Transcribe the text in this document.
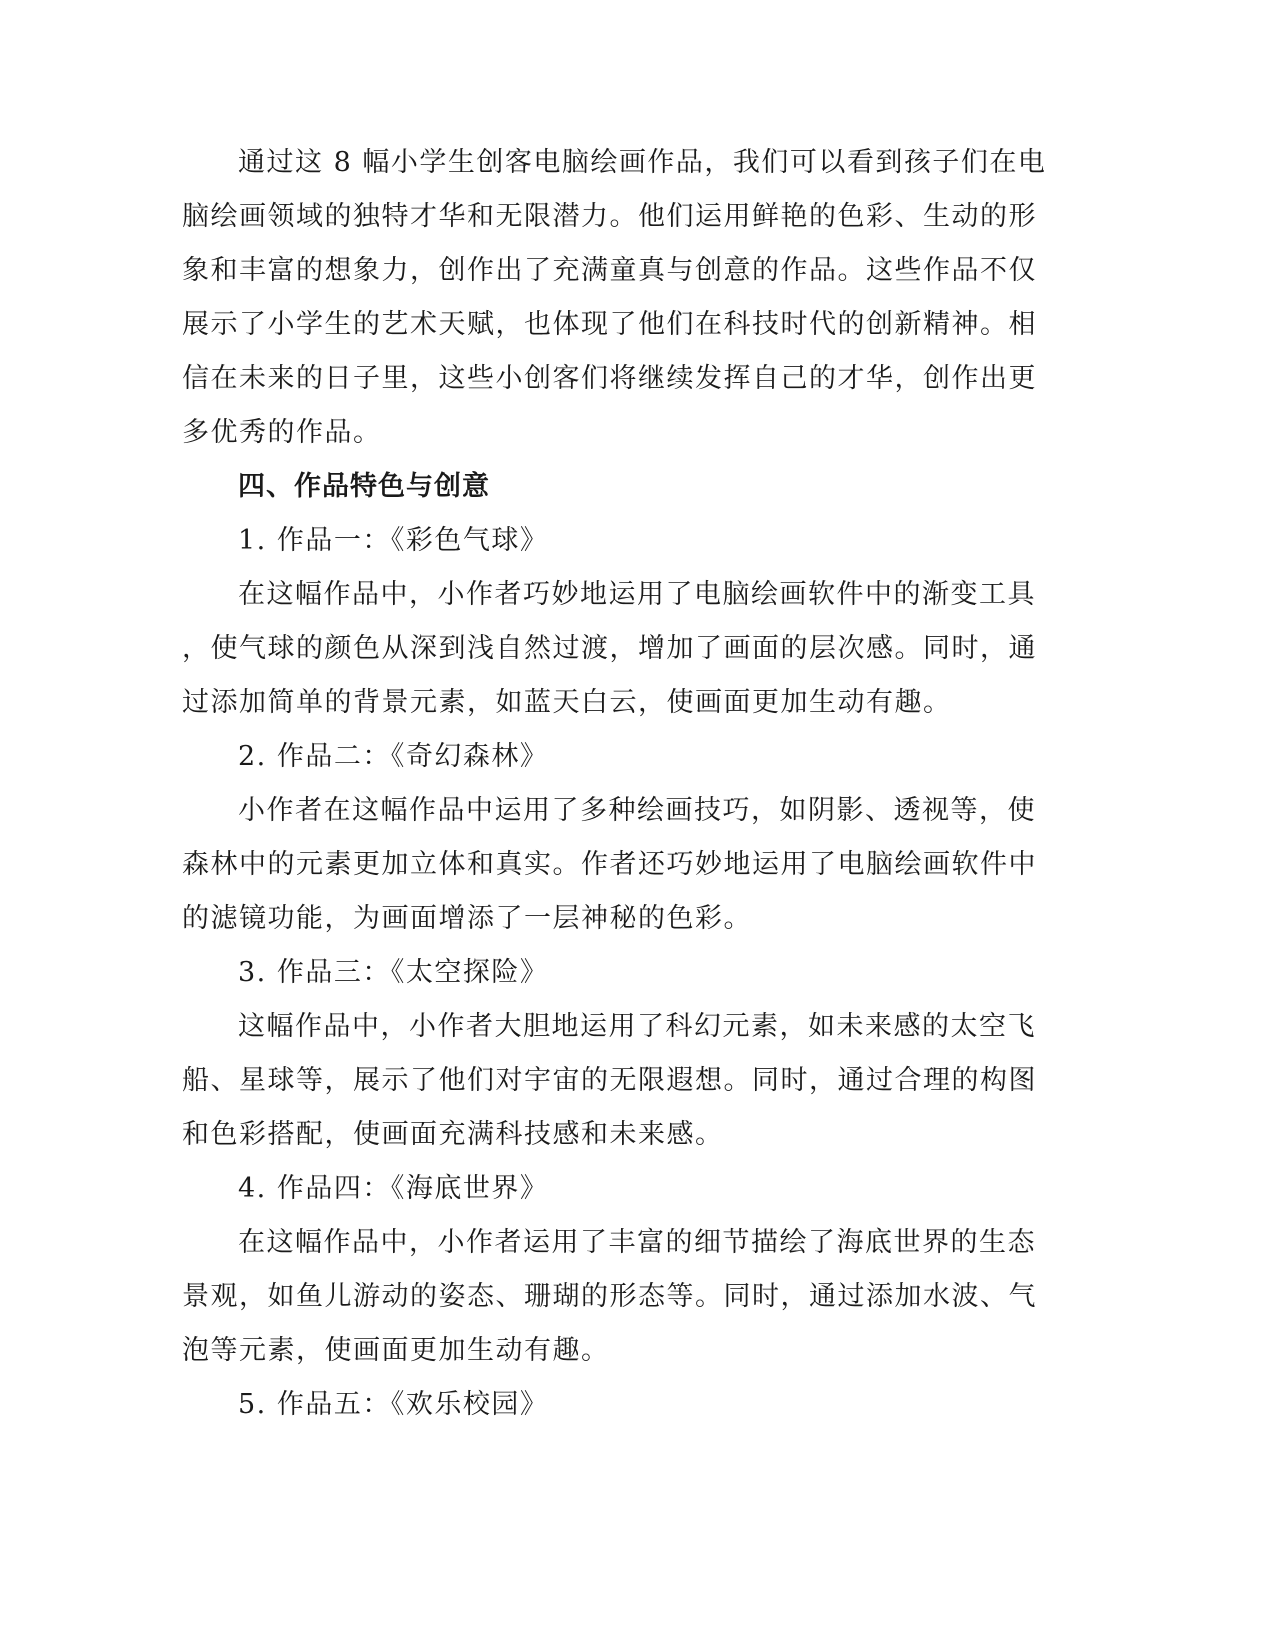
通过这 8 幅小学生创客电脑绘画作品，我们可以看到孩子们在电
脑绘画领域的独特才华和无限潜力。他们运用鲜艳的色彩、生动的形
象和丰富的想象力，创作出了充满童真与创意的作品。这些作品不仅
展示了小学生的艺术天赋，也体现了他们在科技时代的创新精神。相
信在未来的日子里，这些小创客们将继续发挥自己的才华，创作出更
多优秀的作品。
四、作品特色与创意
1. 作品一：《彩色气球》
在这幅作品中，小作者巧妙地运用了电脑绘画软件中的渐变工具
，使气球的颜色从深到浅自然过渡，增加了画面的层次感。同时，通
过添加简单的背景元素，如蓝天白云，使画面更加生动有趣。
2. 作品二：《奇幻森林》
小作者在这幅作品中运用了多种绘画技巧，如阴影、透视等，使
森林中的元素更加立体和真实。作者还巧妙地运用了电脑绘画软件中
的滤镜功能，为画面增添了一层神秘的色彩。
3. 作品三：《太空探险》
这幅作品中，小作者大胆地运用了科幻元素，如未来感的太空飞
船、星球等，展示了他们对宇宙的无限遐想。同时，通过合理的构图
和色彩搭配，使画面充满科技感和未来感。
4. 作品四：《海底世界》
在这幅作品中，小作者运用了丰富的细节描绘了海底世界的生态
景观，如鱼儿游动的姿态、珊瑚的形态等。同时，通过添加水波、气
泡等元素，使画面更加生动有趣。
5. 作品五：《欢乐校园》
